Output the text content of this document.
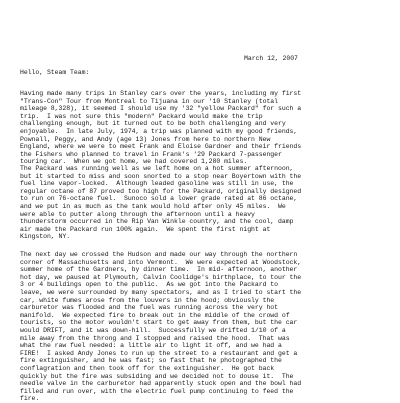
March 12, 2007
Hello, Steam Team:
Having made many trips in Stanley cars over the years, including my first
"Trans-Con" Tour from Montreal to Tijuana in our '10 Stanley (total
mileage 8,328), it seemed I should use my '32 "yellow Packard" for such a
trip.  I was not sure this "modern" Packard would make the trip
challenging enough, but it turned out to be both challenging and very
enjoyable.  In late July, 1974, a trip was planned with my good friends,
Pownall, Peggy, and Andy (age 13) Jones from here to northern New
England, where we were to meet Frank and Eloise Gardner and their friends
the Fishers who planned to travel in Frank's '29 Packard 7-passenger
touring car.  When we got home, we had covered 1,280 miles.
The Packard was running well as we left home on a hot summer afternoon,
but it started to miss and soon snorted to a stop near Boyertown with the
fuel line vapor-locked.  Although leaded gasoline was still in use, the
regular octane of 87 proved too high for the Packard, originally designed
to run on 76-octane fuel.  Sunoco sold a lower grade rated at 86 octane,
and we put in as much as the tank would hold after only 45 miles.  We
were able to putter along through the afternoon until a heavy
thunderstorm occurred in the Rip Van Winkle country, and the cool, damp
air made the Packard run 100% again.  We spent the first night at
Kingston, NY.
The next day we crossed the Hudson and made our way through the northern
corner of Massachusetts and into Vermont.  We were expected at Woodstock,
summer home of the Gardners, by dinner time.  In mid- afternoon, another
hot day, we paused at Plymouth, Calvin Coolidge's birthplace, to tour the
3 or 4 buildings open to the public.  As we got into the Packard to
leave, we were surrounded by many spectators, and as I tried to start the
car, white fumes arose from the louvers in the hood; obviously the
carburetor was flooded and the fuel was running across the very hot
manifold.  We expected fire to break out in the middle of the crowd of
tourists, so the motor wouldn't start to get away from them, but the car
would DRIFT, and it was down-hill.  Successfully we drifted 1/10 of a
mile away from the throng and I stopped and raised the hood.  That was
what the raw fuel needed: a little air to light it off, and we had a
FIRE!  I asked Andy Jones to run up the street to a restaurant and get a
fire extinguisher, and he was fast; so fast that he photographed the
conflagration and then took off for the extinguisher.  He got back
quickly but the fire was subsiding and we decided not to douse it.  The
needle valve in the carburetor had apparently stuck open and the bowl had
filled and run over, with the electric fuel pump continuing to feed the
fire.
